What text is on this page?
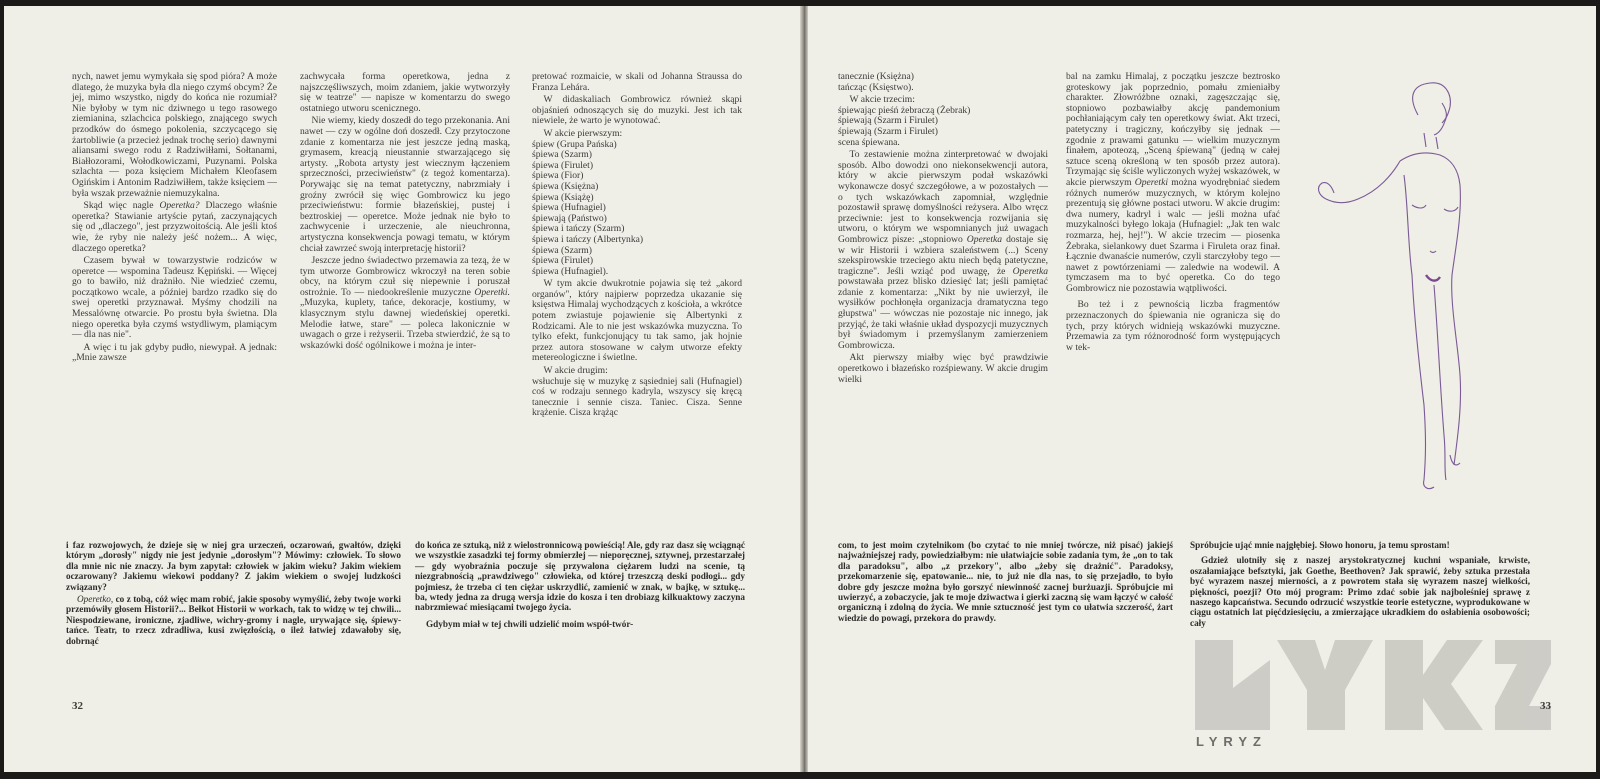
LYRYZ

nych, nawet jemu wymykała się spod pióra? A może dlatego, że muzyka była dla niego czymś obcym? Że jej, mimo wszystko, nigdy do końca nie rozumiał? Nie byłoby w tym nic dziwnego u tego rasowego ziemianina, szlachcica polskiego, znającego swych przodków do ósmego pokolenia, szczycącego się żartobliwie (a przecież jednak trochę serio) dawnymi aliansami swego rodu z Radziwiłłami, Sołtanami, Białłozorami, Wołodkowiczami, Puzynami. Polska szlachta — poza księciem Michałem Kleofasem Ogińskim i Antonim Radziwiłłem, także księciem — była wszak przeważnie niemuzykalna.

Skąd więc nagle Operetka? Dlaczego właśnie operetka? Stawianie artyście pytań, zaczynających się od „dlaczego", jest przyzwoitością. Ale jeśli ktoś wie, że ryby nie należy jeść nożem... A więc, dlaczego operetka?

Czasem bywał w towarzystwie rodziców w operetce — wspomina Tadeusz Kępiński. — Więcej go to bawiło, niż drażniło. Nie wiedzieć czemu, początkowo wcale, a później bardzo rzadko się do swej operetki przyznawał. Myśmy chodzili na Messalównę otwarcie. Po prostu była świetna. Dla niego operetka była czymś wstydliwym, plamiącym — dla nas nie".

A więc i tu jak gdyby pudło, niewypał. A jednak: „Mnie zawsze

zachwycała forma operetkowa, jedna z najszczęśliwszych, moim zdaniem, jakie wytworzyły się w teatrze" — napisze w komentarzu do swego ostatniego utworu scenicznego.

Nie wiemy, kiedy doszedł do tego przekonania. Ani nawet — czy w ogólne doń doszedł. Czy przytoczone zdanie z komentarza nie jest jeszcze jedną maską, grymasem, kreacją nieustannie stwarzającego się artysty. „Robota artysty jest wiecznym łączeniem sprzeczności, przeciwieństw" (z tegoż komentarza). Porywając się na temat patetyczny, nabrzmiały i groźny zwrócił się więc Gombrowicz ku jego przeciwieństwu: formie błazeńskiej, pustej i beztroskiej — operetce. Może jednak nie było to zachwycenie i urzeczenie, ale nieuchronna, artystyczna konsekwencja powagi tematu, w którym chciał zawrzeć swoją interpretację historii?

Jeszcze jedno świadectwo przemawia za tezą, że w tym utworze Gombrowicz wkroczył na teren sobie obcy, na którym czuł się niepewnie i poruszał ostrożnie. To — niedookreślenie muzyczne Operetki. „Muzyka, kuplety, tańce, dekoracje, kostiumy, w klasycznym stylu dawnej wiedeńskiej operetki. Melodie łatwe, stare" — poleca lakonicznie w uwagach o grze i reżyserii. Trzeba stwierdzić, że są to wskazówki dość ogólnikowe i można je inter-

pretować rozmaicie, w skali od Johanna Straussa do Franza Lehára.

W didaskaliach Gombrowicz również skąpi objaśnień odnoszących się do muzyki. Jest ich tak niewiele, że warto je wynotować.

W akcie pierwszym:

śpiew (Grupa Pańska)
śpiewa (Szarm)
śpiewa (Firulet)
śpiewa (Fior)
śpiewa (Księżna)
śpiewa (Książę)
śpiewa (Hufnagiel)
śpiewają (Państwo)
śpiewa i tańczy (Szarm)
śpiewa i tańczy (Albertynka)
śpiewa (Szarm)
śpiewa (Firulet)
śpiewa (Hufnagiel).

W tym akcie dwukrotnie pojawia się też „akord organów", który najpierw poprzedza ukazanie się księstwa Himalaj wychodzących z kościoła, a wkrótce potem zwiastuje pojawienie się Albertynki z Rodzicami. Ale to nie jest wskazówka muzyczna. To tylko efekt, funkcjonujący tu tak samo, jak hojnie przez autora stosowane w całym utworze efekty metereologiczne i świetlne.

W akcie drugim:

wsłuchuje się w muzykę z sąsiedniej sali (Hufnagiel) coś w rodzaju sennego kadryla, wszyscy się kręcą tanecznie i sennie cisza. Taniec. Cisza. Senne krążenie. Cisza krążąc

i faz rozwojowych, że dzieje się w niej gra urzeczeń, oczarowań, gwałtów, dzięki którym „dorosły" nigdy nie jest jedynie „dorosłym"? Mówimy: człowiek. To słowo dla mnie nic nie znaczy. Ja bym zapytał: człowiek w jakim wieku? Jakim wiekiem oczarowany? Jakiemu wiekowi poddany? Z jakim wiekiem o swojej ludzkości związany?

Operetko, co z tobą, cóż więc mam robić, jakie sposoby wymyślić, żeby twoje worki przemówiły głosem Historii?... Bełkot Historii w workach, tak to widzę w tej chwili... Niespodziewane, ironiczne, zjadliwe, wichry-gromy i nagle, urywające się, śpiewy-tańce. Teatr, to rzecz zdradliwa, kusi zwięzłością, o ileż łatwiej zdawałoby się, dobrnąć

do końca ze sztuką, niż z wielostronnicową powieścią! Ale, gdy raz dasz się wciągnąć we wszystkie zasadzki tej formy obmierzłej — nieporęcznej, sztywnej, przestarzałej — gdy wyobraźnia poczuje się przywalona ciężarem ludzi na scenie, tą niezgrabnością „prawdziwego" człowieka, od której trzeszczą deski podłogi... gdy pojmiesz, że trzeba ci ten ciężar uskrzydlić, zamienić w znak, w bajkę, w sztukę... ba, wtedy jedna za drugą wersja idzie do kosza i ten drobiazg kilkuaktowy zaczyna nabrzmiewać miesiącami twojego życia.

Gdybym miał w tej chwili udzielić moim współ-twór-

32
tanecznie (Księżna)
tańcząc (Księstwo).

W akcie trzecim:

śpiewając pieśń żebraczą (Żebrak)
śpiewają (Szarm i Firulet)
śpiewają (Szarm i Firulet)
scena śpiewana.

To zestawienie można zinterpretować w dwojaki sposób. Albo dowodzi ono niekonsekwencji autora, który w akcie pierwszym podał wskazówki wykonawcze dosyć szczegółowe, a w pozostałych — o tych wskazówkach zapomniał, względnie pozostawił sprawę domyślności reżysera. Albo wręcz przeciwnie: jest to konsekwencja rozwijania się utworu, o którym we wspomnianych już uwagach Gombrowicz pisze: „stopniowo Operetka dostaje się w wir Historii i wzbiera szaleństwem (...) Sceny szekspirowskie trzeciego aktu niech będą patetyczne, tragiczne". Jeśli wziąć pod uwagę, że Operetka powstawała przez blisko dziesięć lat; jeśli pamiętać zdanie z komentarza: „Nikt by nie uwierzył, ile wysiłków pochłonęła organizacja dramatyczna tego głupstwa" — wówczas nie pozostaje nic innego, jak przyjąć, że taki właśnie układ dyspozycji muzycznych był świadomym i przemyślanym zamierzeniem Gombrowicza.

Akt pierwszy miałby więc być prawdziwie operetkowo i błazeńsko rozśpiewany. W akcie drugim wielki

bal na zamku Himalaj, z początku jeszcze beztrosko groteskowy jak poprzednio, pomału zmieniałby charakter. Złowróżbne oznaki, zagęszczając się, stopniowo pozbawiałby akcję pandemonium pochłaniającym cały ten operetkowy świat. Akt trzeci, patetyczny i tragiczny, kończyłby się jednak — zgodnie z prawami gatunku — wielkim muzycznym finałem, apoteozą, „Sceną śpiewaną" (jedną w całej sztuce sceną określoną w ten sposób przez autora). Trzymając się ściśle wyliczonych wyżej wskazówek, w akcie pierwszym Operetki można wyodrębniać siedem różnych numerów muzycznych, w którym kolejno prezentują się główne postaci utworu. W akcie drugim: dwa numery, kadryl i walc — jeśli można ufać muzykalności byłego lokaja (Hufnagiel: „Jak ten walc rozmarza, hej, hej!"). W akcie trzecim — piosenka Żebraka, sielankowy duet Szarma i Firuleta oraz finał. Łącznie dwanaście numerów, czyli starczyłoby tego — nawet z powtórzeniami — zaledwie na wodewil. A tymczasem ma to być operetka. Co do tego Gombrowicz nie pozostawia wątpliwości.

Bo też i z pewnością liczba fragmentów przeznaczonych do śpiewania nie ogranicza się do tych, przy których widnieją wskazówki muzyczne. Przemawia za tym różnorodność form występujących w tek-

com, to jest moim czytelnikom (bo czytać to nie mniej twórcze, niż pisać) jakiejś najważniejszej rady, powiedziałbym: nie ułatwiajcie sobie zadania tym, że „on to tak dla paradoksu", albo „z przekory", albo „żeby się drażnić". Paradoksy, przekomarzenie się, epatowanie... nie, to już nie dla nas, to się przejadło, to było dobre gdy jeszcze można było gorszyć niewinność zacnej burżuazji. Spróbujcie mi uwierzyć, a zobaczycie, jak te moje dziwactwa i gierki zaczną się wam łączyć w całość organiczną i zdolną do życia. We mnie sztuczność jest tym co ułatwia szczerość, żart wiedzie do powagi, przekora do prawdy.

Spróbujcie ująć mnie najgłębiej. Słowo honoru, ja temu sprostam!

Gdzież ulotniły się z naszej arystokratycznej kuchni wspaniałe, krwiste, oszałamiające befsztyki, jak Goethe, Beethoven? Jak sprawić, żeby sztuka przestała być wyrazem naszej mierności, a z powrotem stała się wyrazem naszej wielkości, piękności, poezji? Oto mój program: Primo zdać sobie jak najboleśniej sprawę z naszego kapcaństwa. Secundo odrzucić wszystkie teorie estetyczne, wyprodukowane w ciągu ostatnich lat pięćdziesięciu, a zmierzające ukradkiem do osłabienia osobowości; cały

33
